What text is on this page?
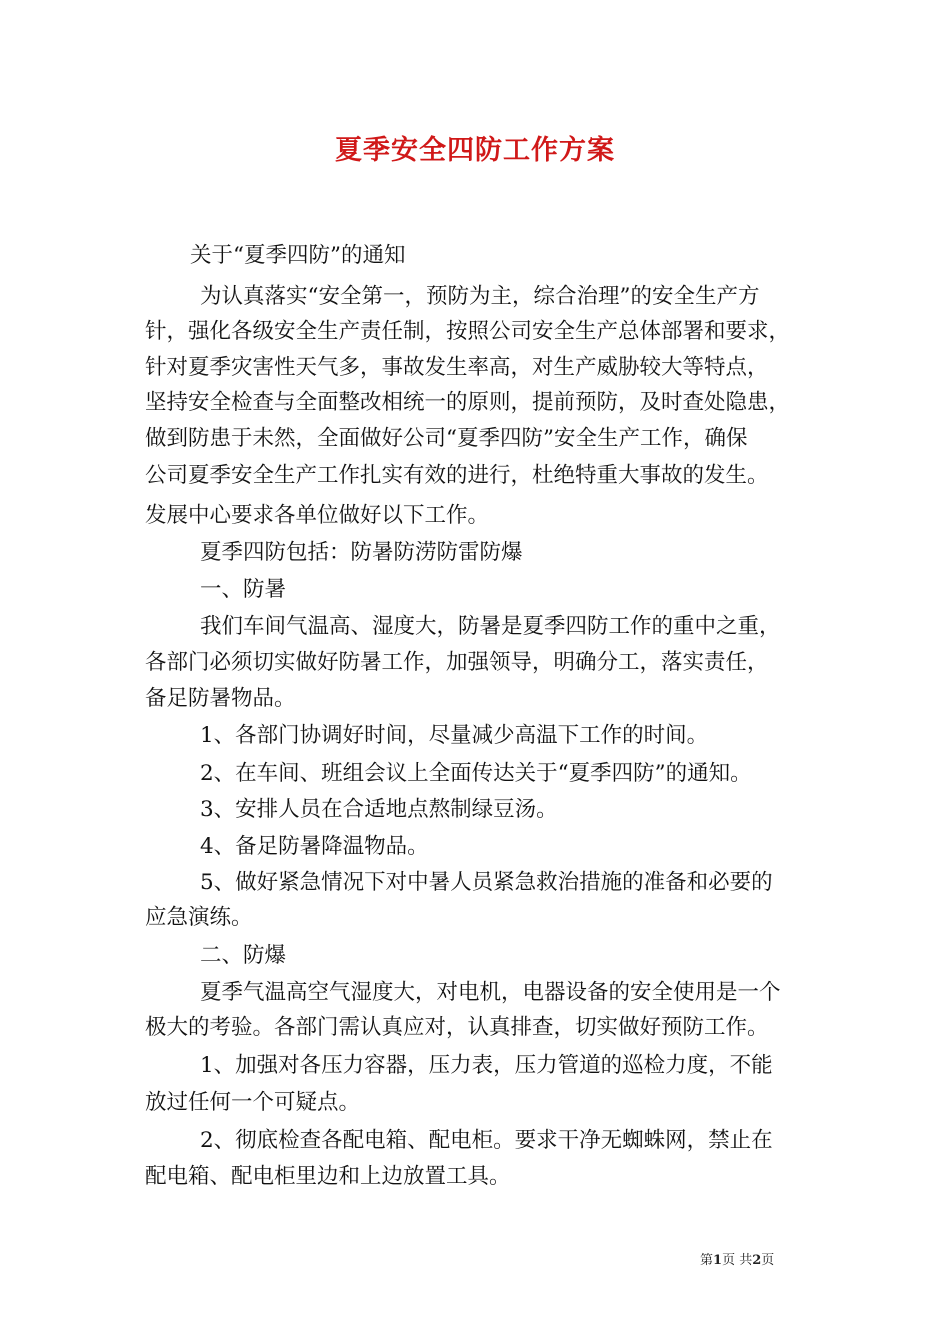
夏季安全四防工作方案
关于“夏季四防”的通知
为认真落实“安全第一，预防为主，综合治理”的安全生产方
针，强化各级安全生产责任制，按照公司安全生产总体部署和要求，
针对夏季灾害性天气多，事故发生率高，对生产威胁较大等特点，
坚持安全检查与全面整改相统一的原则，提前预防，及时查处隐患，
做到防患于未然，全面做好公司“夏季四防”安全生产工作，确保
公司夏季安全生产工作扎实有效的进行，杜绝特重大事故的发生。
发展中心要求各单位做好以下工作。
夏季四防包括：防暑防涝防雷防爆
一、防暑
我们车间气温高、湿度大，防暑是夏季四防工作的重中之重，
各部门必须切实做好防暑工作，加强领导，明确分工，落实责任，
备足防暑物品。
1、各部门协调好时间，尽量减少高温下工作的时间。
2、在车间、班组会议上全面传达关于“夏季四防”的通知。
3、安排人员在合适地点熬制绿豆汤。
4、备足防暑降温物品。
5、做好紧急情况下对中暑人员紧急救治措施的准备和必要的
应急演练。
二、防爆
夏季气温高空气湿度大，对电机，电器设备的安全使用是一个
极大的考验。各部门需认真应对，认真排查，切实做好预防工作。
1、加强对各压力容器，压力表，压力管道的巡检力度，不能
放过任何一个可疑点。
2、彻底检查各配电箱、配电柜。要求干净无蜘蛛网，禁止在
配电箱、配电柜里边和上边放置工具。
第1页 共2页
